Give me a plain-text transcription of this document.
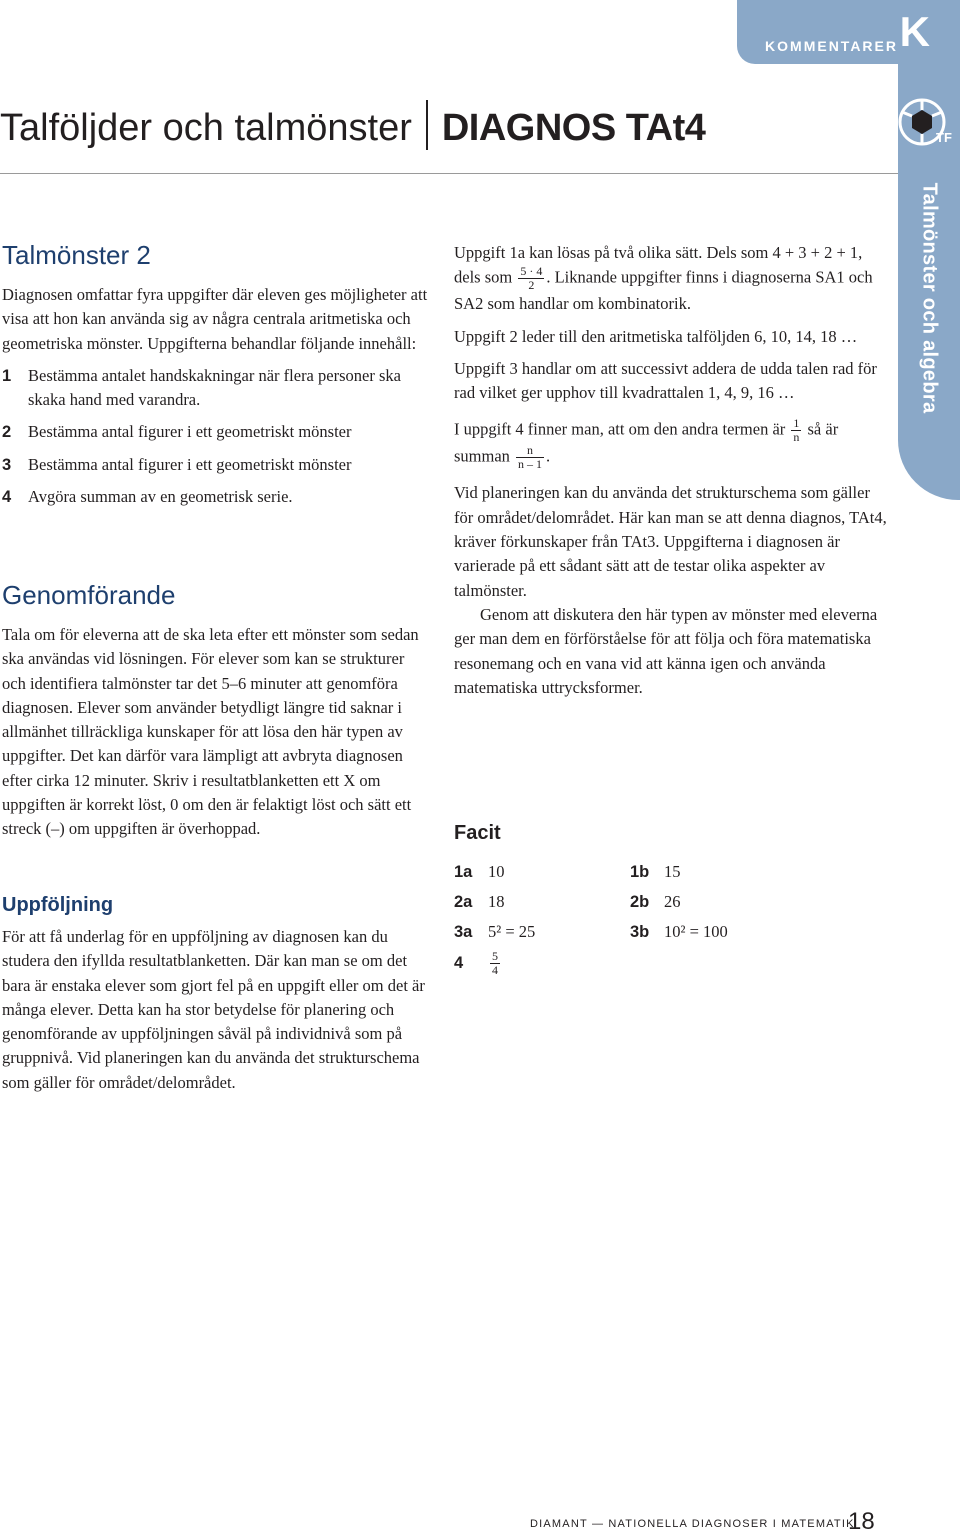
KOMMENTARER K
Talföljder och talmönster DIAGNOS TAt4	TF
Talmönster och algebra
Talmönster 2

Diagnosen omfattar fyra uppgifter där eleven ges möjligheter att visa att hon kan använda sig av några centrala aritmetiska och geometriska mönster. Uppgifterna behandlar följande innehåll:

1 Bestämma antalet handskakningar när flera personer ska skaka hand med varandra.
2 Bestämma antal figurer i ett geometriskt mönster
3 Bestämma antal figurer i ett geometriskt mönster
4 Avgöra summan av en geometrisk serie.
Genomförande

Tala om för eleverna att de ska leta efter ett mönster som sedan ska användas vid lösningen. För elever som kan se strukturer och identifiera talmönster tar det 5–6 minuter att genomföra diagnosen. Elever som använder betydligt längre tid saknar i allmänhet tillräckliga kunskaper för att lösa den här typen av uppgifter. Det kan därför vara lämpligt att avbryta diagnosen efter cirka 12 minuter. Skriv i resultatblanketten ett X om uppgiften är korrekt löst, 0 om den är felaktigt löst och sätt ett streck (–) om uppgiften är överhoppad.

Uppföljning

För att få underlag för en uppföljning av diagnosen kan du studera den ifyllda resultatblanketten. Där kan man se om det bara är enstaka elever som gjort fel på en uppgift eller om det är många elever. Detta kan ha stor betydelse för planering och genomförande av uppföljningen såväl på individnivå som på gruppnivå. Vid planeringen kan du använda det strukturschema som gäller för området/delområdet.

Uppgift 1a kan lösas på två olika sätt. Dels som 4 + 3 + 2 + 1, dels som $\frac{5 \cdot 4}{2}$ . Liknande uppgifter finns i diagnoserna SA1 och SA2 som handlar om kombinatorik.

Uppgift 2 leder till den aritmetiska talföljden 6, 10, 14, 18 …

Uppgift 3 handlar om att successivt addera de udda talen rad för rad vilket ger upphov till kvadrattalen 1, 4, 9, 16 …

I uppgift 4 finner man, att om den andra termen är $\frac{1}{n}$ så är summan $\frac{n}{n - 1}$ .

Vid planeringen kan du använda det strukturschema som gäller för området/delområdet. Här kan man se att denna diagnos, TAt4, kräver förkunskaper från TAt3. Uppgifterna i diagnosen är varierade på ett sådant sätt att de testar olika aspekter av talmönster.

Genom att diskutera den här typen av mönster med eleverna ger man dem en förförståelse för att följa och föra matematiska resonemang och en vana vid att känna igen och använda matematiska uttrycksformer.

Facit
1a 10	1b 15
2a 18	2b 26
3a 5² = 25	3b 10² = 100
$4 \frac{5}{4}$
DIAMANT — NATIONELLA DIAGNOSER I MATEMATIK
18
